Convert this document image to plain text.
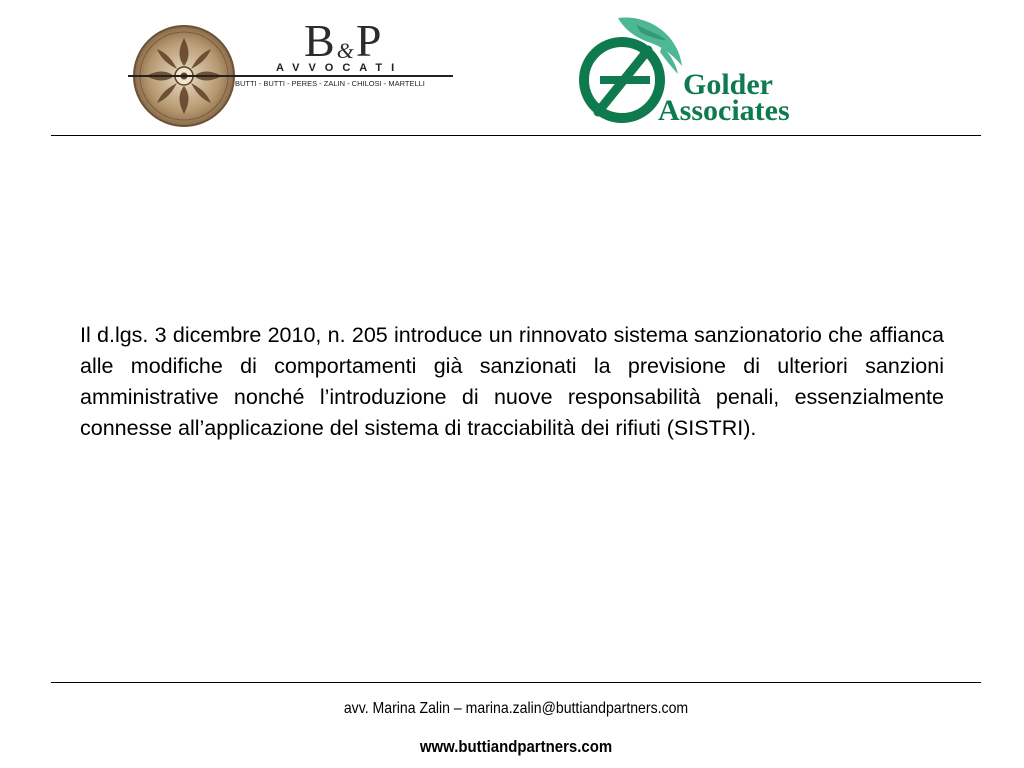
B&P
AVVOCATI
BUTTI - BUTTI - PERES - ZALIN - CHILOSI - MARTELLI	Golder
Associates

Il d.lgs. 3 dicembre 2010, n. 205 introduce un rinnovato sistema sanzionatorio che affianca alle modifiche di comportamenti già sanzionati la previsione di ulteriori sanzioni amministrative nonché l’introduzione di nuove responsabilità penali, essenzialmente connesse all’applicazione del sistema di tracciabilità dei rifiuti (SISTRI).

avv. Marina Zalin – marina.zalin@buttiandpartners.com
www.buttiandpartners.com
